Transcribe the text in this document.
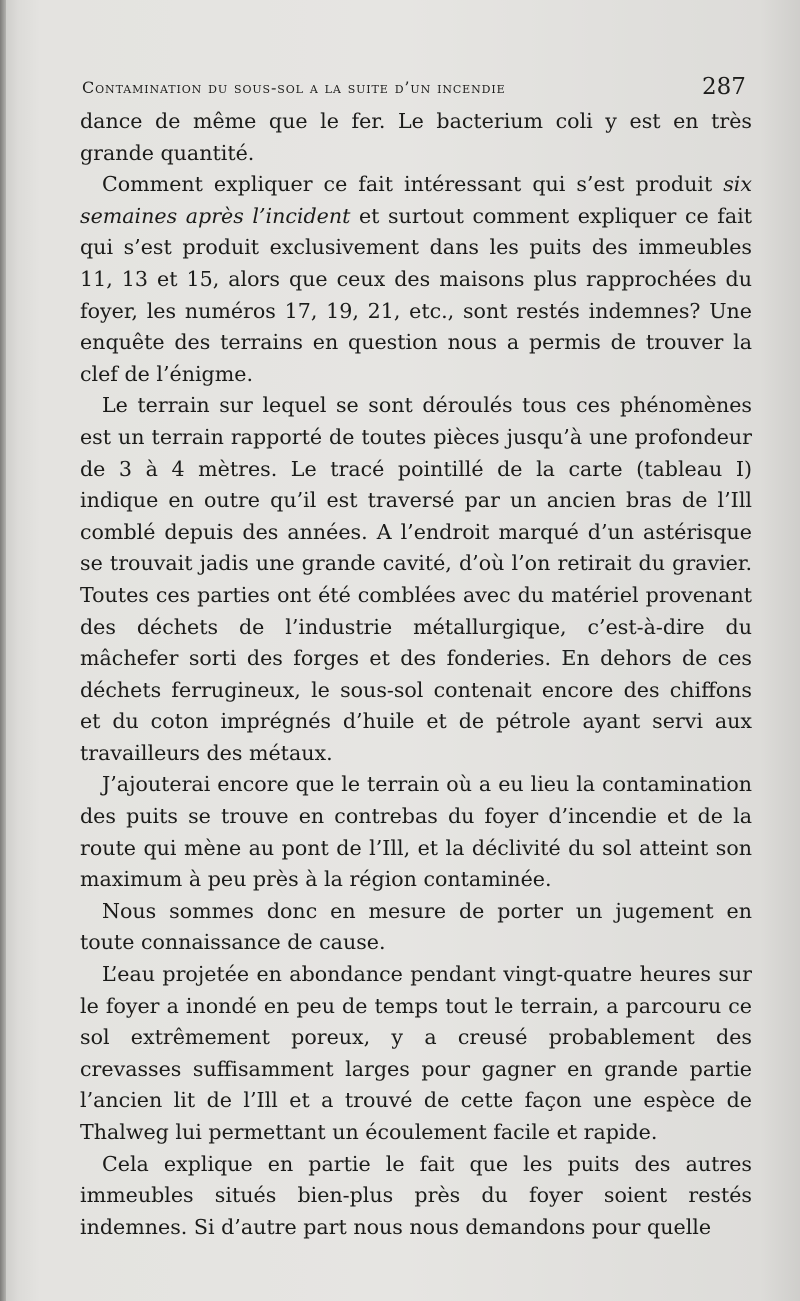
Contamination du sous-sol a la suite d’un incendie	287

dance de même que le fer. Le bacterium coli y est en très grande quantité.

Comment expliquer ce fait intéressant qui s’est produit six semaines après l’incident et surtout comment expliquer ce fait qui s’est produit exclusivement dans les puits des immeubles 11, 13 et 15, alors que ceux des maisons plus rapprochées du foyer, les numéros 17, 19, 21, etc., sont restés indemnes? Une enquête des terrains en question nous a permis de trouver la clef de l’énigme.

Le terrain sur lequel se sont déroulés tous ces phénomènes est un terrain rapporté de toutes pièces jusqu’à une profondeur de 3 à 4 mètres. Le tracé pointillé de la carte (tableau I) indique en outre qu’il est traversé par un ancien bras de l’Ill comblé depuis des années. A l’endroit marqué d’un astérisque se trouvait jadis une grande cavité, d’où l’on retirait du gravier. Toutes ces parties ont été comblées avec du matériel provenant des déchets de l’industrie métallurgique, c’est-à-dire du mâchefer sorti des forges et des fonderies. En dehors de ces déchets ferrugineux, le sous-sol contenait encore des chiffons et du coton imprégnés d’huile et de pétrole ayant servi aux travailleurs des métaux.

J’ajouterai encore que le terrain où a eu lieu la contamination des puits se trouve en contrebas du foyer d’incendie et de la route qui mène au pont de l’Ill, et la déclivité du sol atteint son maximum à peu près à la région contaminée.

Nous sommes donc en mesure de porter un jugement en toute connaissance de cause.

L’eau projetée en abondance pendant vingt-quatre heures sur le foyer a inondé en peu de temps tout le terrain, a parcouru ce sol extrêmement poreux, y a creusé probablement des crevasses suffisamment larges pour gagner en grande partie l’ancien lit de l’Ill et a trouvé de cette façon une espèce de Thalweg lui permettant un écoulement facile et rapide.

Cela explique en partie le fait que les puits des autres immeubles situés bien-plus près du foyer soient restés indemnes. Si d’autre part nous nous demandons pour quelle
